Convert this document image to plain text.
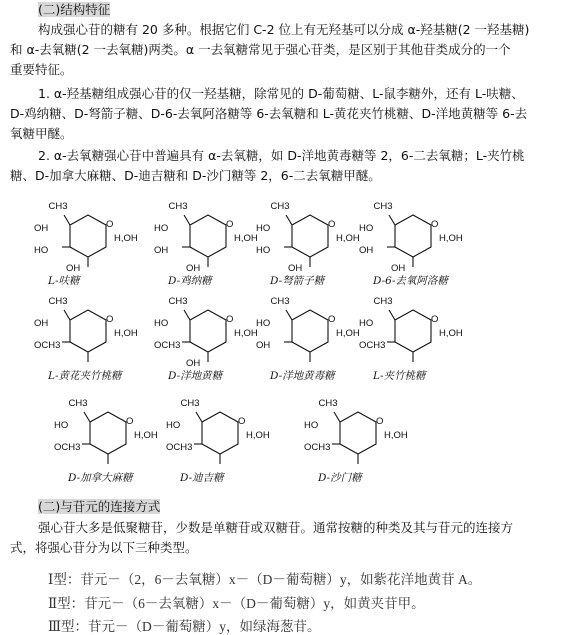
(二)结构特征
构成强心苷的糖有 20 多种。根据它们 C-2 位上有无羟基可以分成 α-羟基糖(2 一羟基糖)
和 α-去氧糖(2 一去氧糖)两类。α 一去氧糖常见于强心苷类，是区别于其他苷类成分的一个
重要特征。
1. α-羟基糖组成强心苷的仅一羟基糖，除常见的 D-葡萄糖、L-鼠李糖外，还有 L-呋糖、
D-鸡纳糖、D-弩箭子糖、D-6-去氧阿洛糖等 6-去氧糖和 L-黄花夹竹桃糖、D-洋地黄糖等 6-去
氧糖甲醚。
2. α-去氧糖强心苷中普遍具有 α-去氧糖，如 D-洋地黄毒糖等 2，6-二去氧糖；L-夹竹桃
糖、D-加拿大麻糖、D-迪吉糖和 D-沙门糖等 2，6-二去氧糖甲醚。
O
CH3
OH
HO
OH
H,OH
L-呋糖
O
CH3
HO
OH
OH
H,OH
D-鸡纳糖
O
CH3
HO
HO
OH
H,OH
D-弩箭子糖
O
CH3
HO
OH
OH
H,OH
D-6-去氧阿洛糖
O
CH3
OH
OCH3
H,OH
L-黄花夹竹桃糖
O
CH3
HO
OCH3
OH
H,OH
D-洋地黄糖
O
CH3
HO
OH
H,OH
D-洋地黄毒糖
O
CH3
HO
OCH3
H,OH
L-夹竹桃糖
O
CH3
HO
OCH3
H,OH
D-加拿大麻糖
O
CH3
HO
OCH3
H,OH
D-迪吉糖
O
CH3
HO
OCH3
H,OH
D-沙门糖
(二)与苷元的连接方式
强心苷大多是低聚糖苷，少数是单糖苷或双糖苷。通常按糖的种类及其与苷元的连接方
式，将强心苷分为以下三种类型。
Ⅰ型：苷元－（2，6－去氧糖）x－（D－葡萄糖）y，如紫花洋地黄苷 A。
Ⅱ型：苷元－（6－去氧糖）x－（D－葡萄糖）y，如黄夹苷甲。
Ⅲ型：苷元－（D－葡萄糖）y，如绿海葱苷。
